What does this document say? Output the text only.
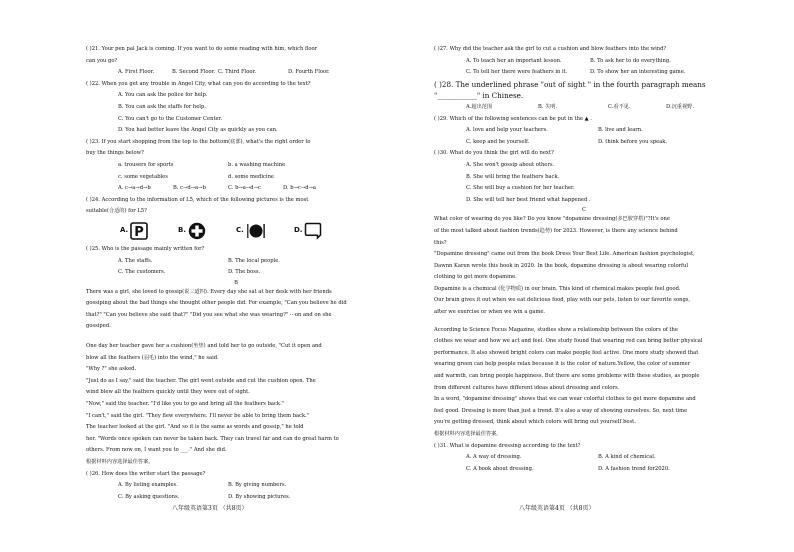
( )21. Your pen pal Jack is coming. If you want to do some reading with him, which floor
can you go?
A. First Floor.	B. Second Floor. C. Third Floor.	D. Fourth Floor.
( )22. When you get any trouble in Angel City, what can you do according to the text?
A. You can ask the police for help.
B. You can ask the staffs for help.
C. You can't go to the Customer Center.
D. You had better leave the Angel City as quickly as you can.
( )23. If you start shopping from the top to the bottom(底部), what's the right order to
buy the things below?
a. trousers for sports	b. a washing machine
c. some vegetables	d. some medicine
A. c→a→d→b	B. c→d→a→b	C. b→a→d→c	D. b→c→d→a
( )24. According to the information of L5, which of the following pictures is the most
suitable(合适的) for L5?
A. P	B.	C.	D.
( )25. Who is the passage mainly written for?
A. The staffs.	B. The local people.
C. The customers.	D. The boss.
B
There was a girl, she loved to gossip(说三道四). Every day she sat at her desk with her friends
gossiping about the bad things she thought other people did. For example, "Can you believe he did
that?" "Can you believe she said that?" "Did you see what she was wearing?" ···on and on she
gossiped.
One day her teacher gave her a cushion(坐垫) and told her to go outside, "Cut it open and
blow all the feathers (羽毛) into the wind," he said.
"Why ?" she asked.
"Just do as I say," said the teacher. The girl went outside and cut the cushion open. The
wind blew all the feathers quickly until they were out of sight.
"Now," said the teacher. "I'd like you to go and bring all the feathers back."
"I can't," said the girl. "They flew everywhere. I'll never be able to bring them back."
The teacher looked at the girl. "And so it is the same as words and gossip," he told
her. "Words once spoken can never be taken back. They can travel far and can do great harm to
others. From now on, I want you to ___." And she did.
根据材料内容选择最佳答案。
( )26. How does the writer start the passage?
A. By listing examples.	B. By giving numbers.
C. By asking questions.	D. By showing pictures.
( )27. Why did the teacher ask the girl to cut a cushion and blow feathers into the wind?
A. To teach her an important lesson.	B. To ask her to do everything.
C. To tell her there were feathers in it.	D. To show her an interesting game.
( )28. The underlined phrase "out of sight " in the fourth paragraph means
"___________" in Chinese.
A.超出范围	B. 失明.	C.看不见.	D.沉重视野.
( )29. Which of the following sentences can be put in the ▲ .
A. love and help your teachers.	B. live and learn.
C. keep and be yourself.	D. think before you speak.
( )30. What do you think the girl will do next?
A. She won't gossip about others.
B. She will bring the feathers back.
C. She will buy a cushion for her teacher.
D. She will tell her best friend what happened .
C
What color of wearing do you like? Do you know "dopamine dressing(多巴胺穿搭)"?It's one
of the most talked about fashion trends(趋势) for 2023. However, is there any science behind
this?
"Dopamine dressing" came out from the book Dress Your Best Life. American fashion psychologist,
Dawnn Karen wrote this book in 2020. In the book, dopamine dressing is about wearing colorful
clothing to get more dopamine.
Dopamine is a chemical (化学物质) in our brain. This kind of chemical makes people feel good.
Our brain gives it out when we eat delicious food, play with our pets, listen to our favorite songs,
after we exercise or when we win a game.
According to Science Focus Magazine, studies show a relationship between the colors of the
clothes we wear and how we act and feel. One study found that wearing red can bring better physical
performance. It also showed bright colors can make people feel active. One more study showed that
wearing green can help people relax because it is the color of nature.Yellow, the color of summer
and warmth, can bring people happiness. But there are some problems with these studies, as people
from different cultures have different ideas about dressing and colors.
In a word, "dopamine dressing" shows that we can wear colorful clothes to get more dopamine and
feel good. Dressing is more than just a trend. It's also a way of showing ourselves. So, next time
you're getting dressed, think about which colors will bring out yourself best.
根据材料内容选择最佳答案。
( )31. What is dopamine dressing according to the text?
A. A way of dressing.	B. A kind of chemical.
C. A book about dressing.	D. A fashion trend for2020.
八年级英语第3页 （共8页）	八年级英语第4页 （共8页）
